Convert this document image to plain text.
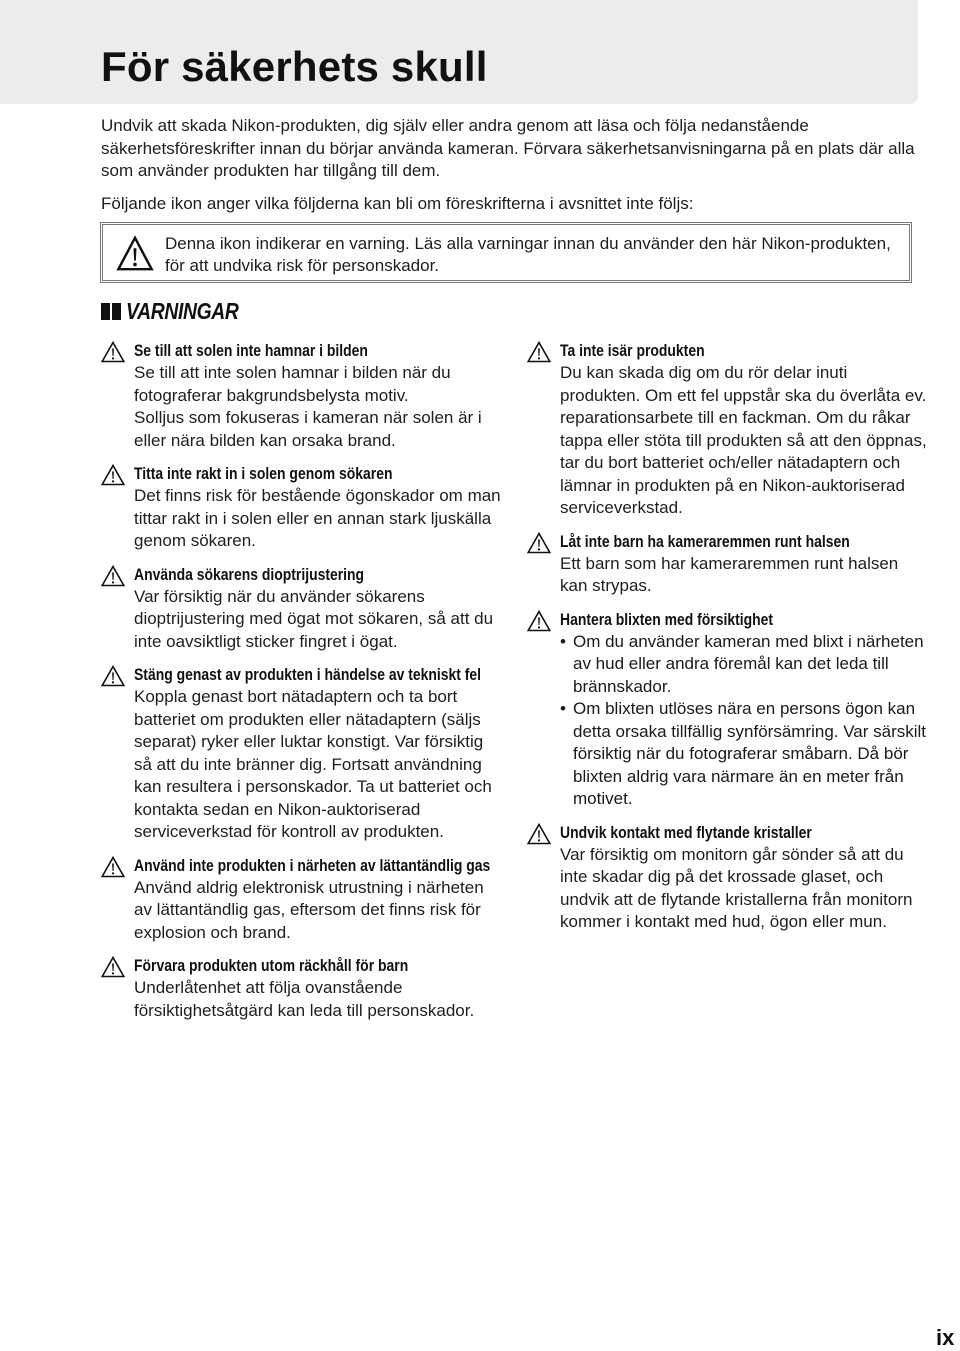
För säkerhets skull

Undvik att skada Nikon-produkten, dig själv eller andra genom att läsa och följa nedanstående säkerhetsföreskrifter innan du börjar använda kameran. Förvara säkerhetsanvisningarna på en plats där alla som använder produkten har tillgång till dem.

Följande ikon anger vilka följderna kan bli om föreskrifterna i avsnittet inte följs:

Denna ikon indikerar en varning. Läs alla varningar innan du använder den här Nikon-produkten, för att undvika risk för personskador.
VARNINGAR
Se till att solen inte hamnar i bilden

Se till att inte solen hamnar i bilden när du fotograferar bakgrundsbelysta motiv.

Solljus som fokuseras i kameran när solen är i eller nära bilden kan orsaka brand.

Titta inte rakt in i solen genom sökaren

Det finns risk för bestående ögonskador om man tittar rakt in i solen eller en annan stark ljuskälla genom sökaren.

Använda sökarens dioptrijustering

Var försiktig när du använder sökarens dioptrijustering med ögat mot sökaren, så att du inte oavsiktligt sticker fingret i ögat.

Stäng genast av produkten i händelse av tekniskt fel

Koppla genast bort nätadaptern och ta bort batteriet om produkten eller nätadaptern (säljs separat) ryker eller luktar konstigt. Var försiktig så att du inte bränner dig. Fortsatt användning kan resultera i personskador. Ta ut batteriet och kontakta sedan en Nikon-auktoriserad serviceverkstad för kontroll av produkten.

Använd inte produkten i närheten av lättantändlig gas

Använd aldrig elektronisk utrustning i närheten av lättantändlig gas, eftersom det finns risk för explosion och brand.

Förvara produkten utom räckhåll för barn

Underlåtenhet att följa ovanstående försiktighetsåtgärd kan leda till personskador.

Ta inte isär produkten

Du kan skada dig om du rör delar inuti produkten. Om ett fel uppstår ska du överlåta ev. reparationsarbete till en fackman. Om du råkar tappa eller stöta till produkten så att den öppnas, tar du bort batteriet och/eller nätadaptern och lämnar in produkten på en Nikon-auktoriserad serviceverkstad.

Låt inte barn ha kameraremmen runt halsen

Ett barn som har kameraremmen runt halsen kan strypas.

Hantera blixten med försiktighet
• Om du använder kameran med blixt i närheten av hud eller andra föremål kan det leda till brännskador.
• Om blixten utlöses nära en persons ögon kan detta orsaka tillfällig synförsämring. Var särskilt försiktig när du fotograferar småbarn. Då bör blixten aldrig vara närmare än en meter från motivet.
Undvik kontakt med flytande kristaller

Var försiktig om monitorn går sönder så att du inte skadar dig på det krossade glaset, och undvik att de flytande kristallerna från monitorn kommer i kontakt med hud, ögon eller mun.

ix
